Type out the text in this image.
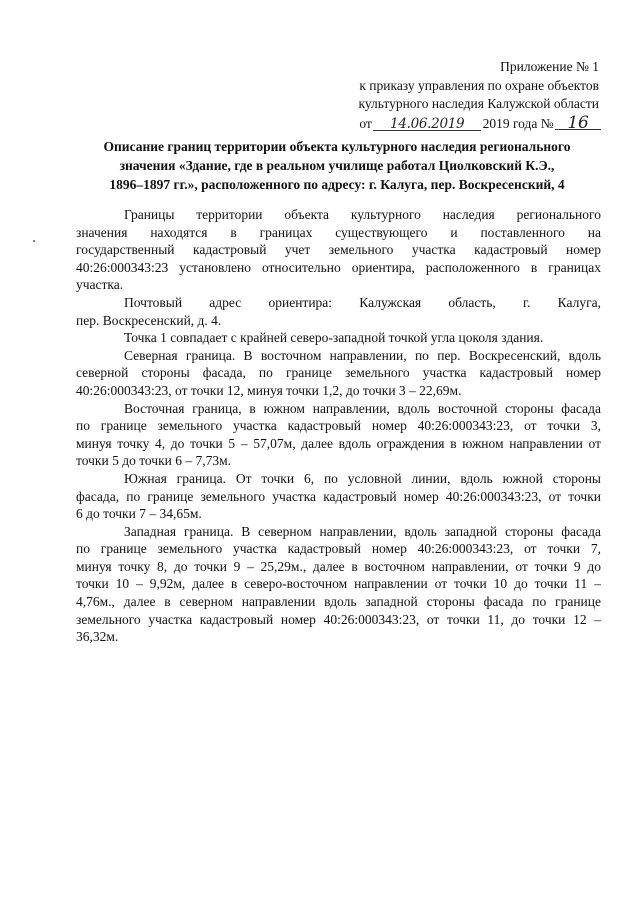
Приложение № 1
к приказу управления по охране объектов
культурного наследия Калужской области
от 14.06.2019 2019 года № 16
Описание границ территории объекта культурного наследия регионального
значения «Здание, где в реальном училище работал Циолковский К.Э.,
1896–1897 гг.», расположенного по адресу: г. Калуга, пер. Воскресенский, 4
Границы территории объекта культурного наследия регионального
значения находятся в границах существующего и поставленного на
государственный кадастровый учет земельного участка кадастровый номер
40:26:000343:23 установлено относительно ориентира, расположенного в границах
участка.
Почтовый адрес ориентира: Калужская область, г. Калуга,
пер. Воскресенский, д. 4.
Точка 1 совпадает с крайней северо-западной точкой угла цоколя здания.
Северная граница. В восточном направлении, по пер. Воскресенский, вдоль
северной стороны фасада, по границе земельного участка кадастровый номер
40:26:000343:23, от точки 12, минуя точки 1,2, до точки 3 – 22,69м.
Восточная граница, в южном направлении, вдоль восточной стороны фасада
по границе земельного участка кадастровый номер 40:26:000343:23, от точки 3,
минуя точку 4, до точки 5 – 57,07м, далее вдоль ограждения в южном направлении от
точки 5 до точки 6 – 7,73м.
Южная граница. От точки 6, по условной линии, вдоль южной стороны
фасада, по границе земельного участка кадастровый номер 40:26:000343:23, от точки
6 до точки 7 – 34,65м.
Западная граница. В северном направлении, вдоль западной стороны фасада
по границе земельного участка кадастровый номер 40:26:000343:23, от точки 7,
минуя точку 8, до точки 9 – 25,29м., далее в восточном направлении, от точки 9 до
точки 10 – 9,92м, далее в северо-восточном направлении от точки 10 до точки 11 –
4,76м., далее в северном направлении вдоль западной стороны фасада по границе
земельного участка кадастровый номер 40:26:000343:23, от точки 11, до точки 12 –
36,32м.
